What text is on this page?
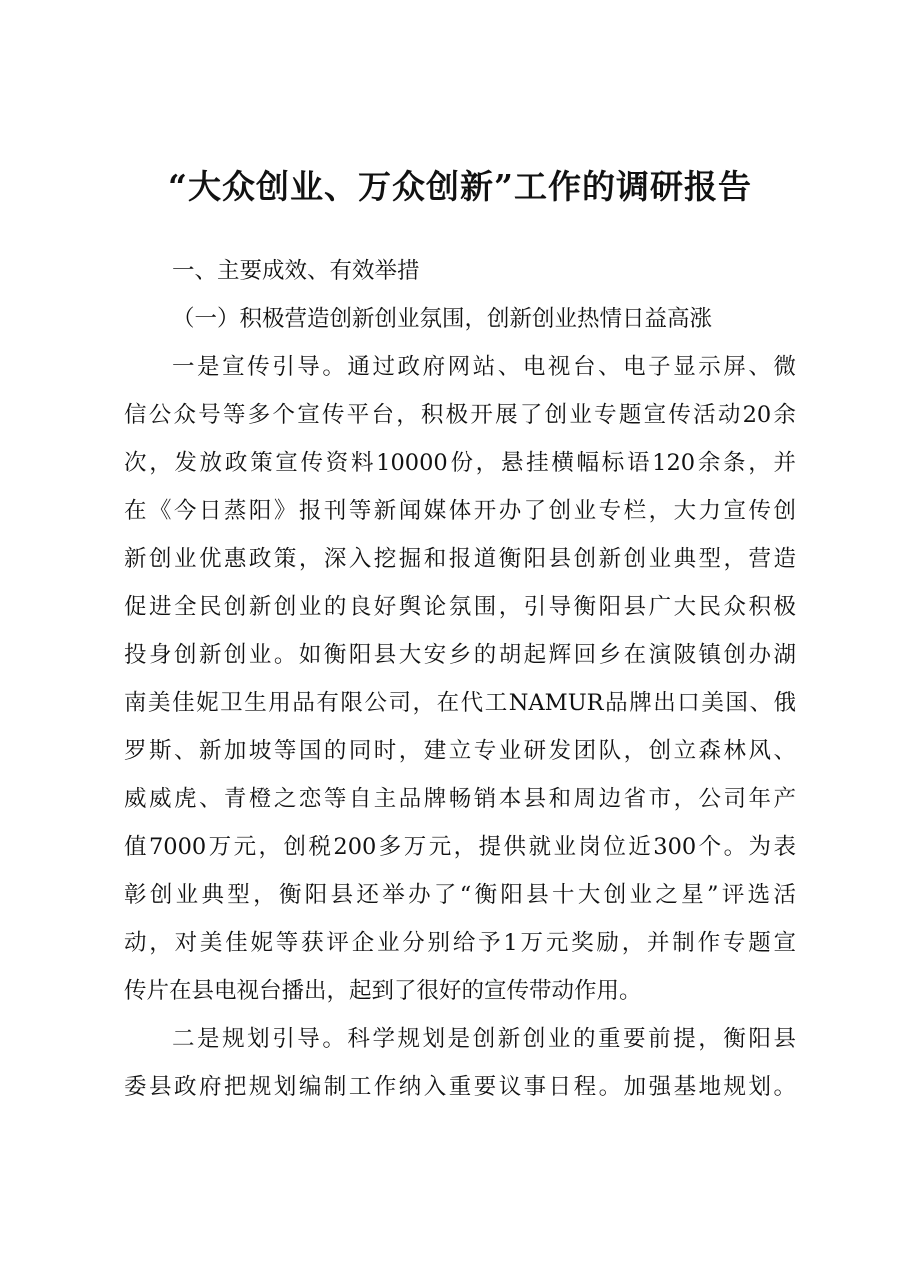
“大众创业、万众创新”工作的调研报告
一、主要成效、有效举措
（一）积极营造创新创业氛围，创新创业热情日益高涨
一是宣传引导。通过政府网站、电视台、电子显示屏、微
信公众号等多个宣传平台，积极开展了创业专题宣传活动20余
次，发放政策宣传资料10000份，悬挂横幅标语120余条，并
在《今日蒸阳》报刊等新闻媒体开办了创业专栏，大力宣传创
新创业优惠政策，深入挖掘和报道衡阳县创新创业典型，营造
促进全民创新创业的良好舆论氛围，引导衡阳县广大民众积极
投身创新创业。如衡阳县大安乡的胡起辉回乡在演陂镇创办湖
南美佳妮卫生用品有限公司，在代工NAMUR品牌出口美国、俄
罗斯、新加坡等国的同时，建立专业研发团队，创立森林风、
威威虎、青橙之恋等自主品牌畅销本县和周边省市，公司年产
值7000万元，创税200多万元，提供就业岗位近300个。为表
彰创业典型，衡阳县还举办了“衡阳县十大创业之星”评选活
动，对美佳妮等获评企业分别给予1万元奖励，并制作专题宣
传片在县电视台播出，起到了很好的宣传带动作用。
二是规划引导。科学规划是创新创业的重要前提，衡阳县
委县政府把规划编制工作纳入重要议事日程。加强基地规划。
